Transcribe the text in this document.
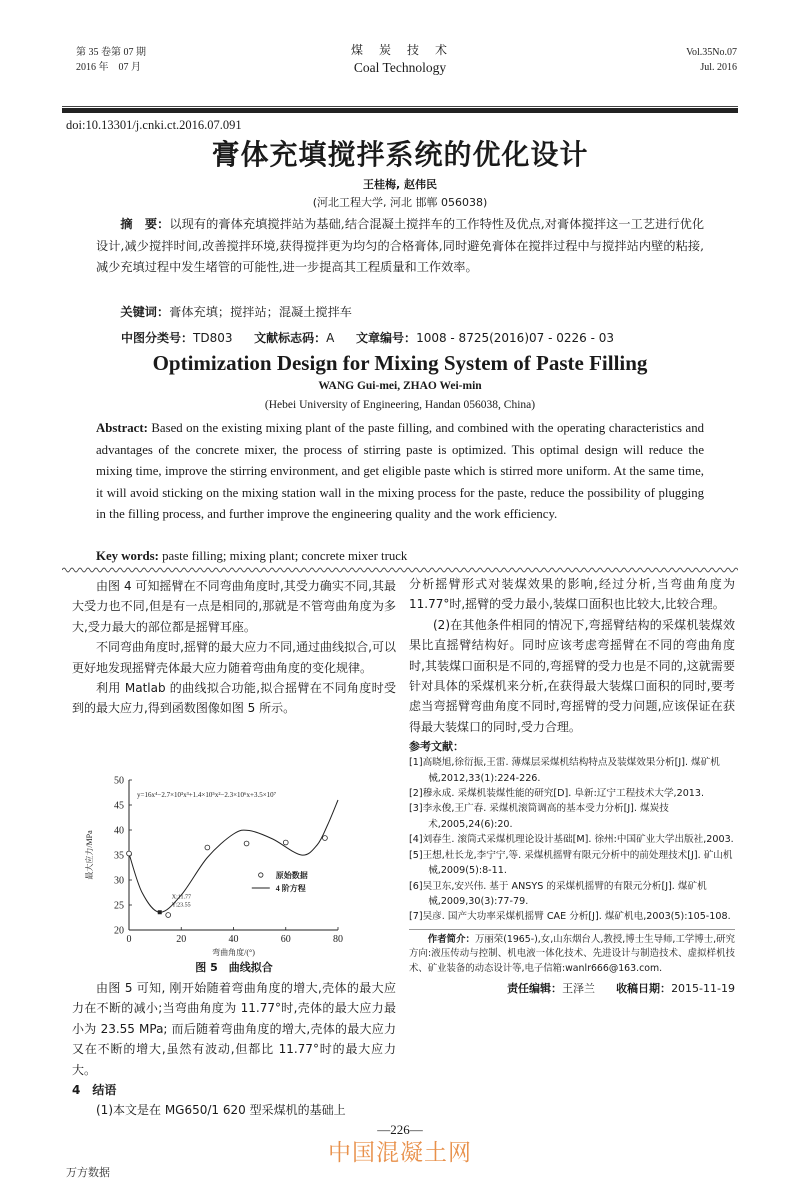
第 35 卷第 07 期
2016 年　07 月
煤　炭　技　术
Coal Technology
Vol.35No.07
Jul. 2016
doi:10.13301/j.cnki.ct.2016.07.091
膏体充填搅拌系统的优化设计
王桂梅, 赵伟民
(河北工程大学, 河北 邯郸 056038)
摘　要：以现有的膏体充填搅拌站为基础,结合混凝土搅拌车的工作特性及优点,对膏体搅拌这一工艺进行优化设计,减少搅拌时间,改善搅拌环境,获得搅拌更为均匀的合格膏体,同时避免膏体在搅拌过程中与搅拌站内壁的粘接,减少充填过程中发生堵管的可能性,进一步提高其工程质量和工作效率。
关键词：膏体充填；搅拌站；混凝土搅拌车
中图分类号：TD803 文献标志码：A 文章编号：1008 - 8725(2016)07 - 0226 - 03
Optimization Design for Mixing System of Paste Filling
WANG Gui-mei, ZHAO Wei-min
(Hebei University of Engineering, Handan 056038, China)
Abstract: Based on the existing mixing plant of the paste filling, and combined with the operating characteristics and advantages of the concrete mixer, the process of stirring paste is optimized. This optimal design will reduce the mixing time, improve the stirring environment, and get eligible paste which is stirred more uniform. At the same time, it will avoid sticking on the mixing station wall in the mixing process for the paste, reduce the possibility of plugging in the filling process, and further improve the engineering quality and the work efficiency.
Key words: paste filling; mixing plant; concrete mixer truck

由图 4 可知摇臂在不同弯曲角度时,其受力确实不同,其最大受力也不同,但是有一点是相同的,那就是不管弯曲角度为多大,受力最大的部位都是摇臂耳座。

不同弯曲角度时,摇臂的最大应力不同,通过曲线拟合,可以更好地发现摇臂壳体最大应力随着弯曲角度的变化规律。

利用 Matlab 的曲线拟合功能,拟合摇臂在不同角度时受到的最大应力,得到函数图像如图 5 所示。

20
25
30
35
40
45
50
0	20	40	60	80
弯曲角度/(°)
最大应力/MPa
y=16x⁴−2.7×10³x³+1.4×10⁵x²−2.3×10⁶x+3.5×10⁷
X:11.77
Y:23.55
原始数据
4 阶方程

图 5　曲线拟合

由图 5 可知, 刚开始随着弯曲角度的增大,壳体的最大应力在不断的减小;当弯曲角度为 11.77°时,壳体的最大应力最小为 23.55 MPa; 而后随着弯曲角度的增大,壳体的最大应力又在不断的增大,虽然有波动,但都比 11.77°时的最大应力大。

4　结语

(1)本文是在 MG650/1 620 型采煤机的基础上

分析摇臂形式对装煤效果的影响,经过分析,当弯曲角度为 11.77°时,摇臂的受力最小,装煤口面积也比较大,比较合理。

(2)在其他条件相同的情况下,弯摇臂结构的采煤机装煤效果比直摇臂结构好。同时应该考虑弯摇臂在不同的弯曲角度时,其装煤口面积是不同的,弯摇臂的受力也是不同的,这就需要针对具体的采煤机来分析,在获得最大装煤口面积的同时,要考虑当弯摇臂弯曲角度不同时,弯摇臂的受力问题,应该保证在获得最大装煤口的同时,受力合理。

参考文献：
[1]高晓旭,徐衍振,王雷. 薄煤层采煤机结构特点及装煤效果分析[J]. 煤矿机械,2012,33(1):224-226.
[2]穆永成. 采煤机装煤性能的研究[D]. 阜新:辽宁工程技术大学,2013.
[3]李永俊,王广春. 采煤机滚筒调高的基本受力分析[J]. 煤炭技术,2005,24(6):20.
[4]刘春生. 滚筒式采煤机理论设计基础[M]. 徐州:中国矿业大学出版社,2003.
[5]王想,杜长龙,李宁宁,等. 采煤机摇臂有限元分析中的前处理技术[J]. 矿山机械,2009(5):8-11.
[6]吴卫东,安兴伟. 基于 ANSYS 的采煤机摇臂的有限元分析[J]. 煤矿机械,2009,30(3):77-79.
[7]吴彦. 国产大功率采煤机摇臂 CAE 分析[J]. 煤矿机电,2003(5):105-108.
作者简介：万丽荣(1965-),女,山东烟台人,教授,博士生导师,工学博士,研究方向:液压传动与控制、机电液一体化技术、先进设计与制造技术、虚拟样机技术、矿业装备的动态设计等,电子信箱:wanlr666@163.com.
责任编辑：王泽兰 收稿日期：2015-11-19
—226—
中国混凝土网
万方数据
